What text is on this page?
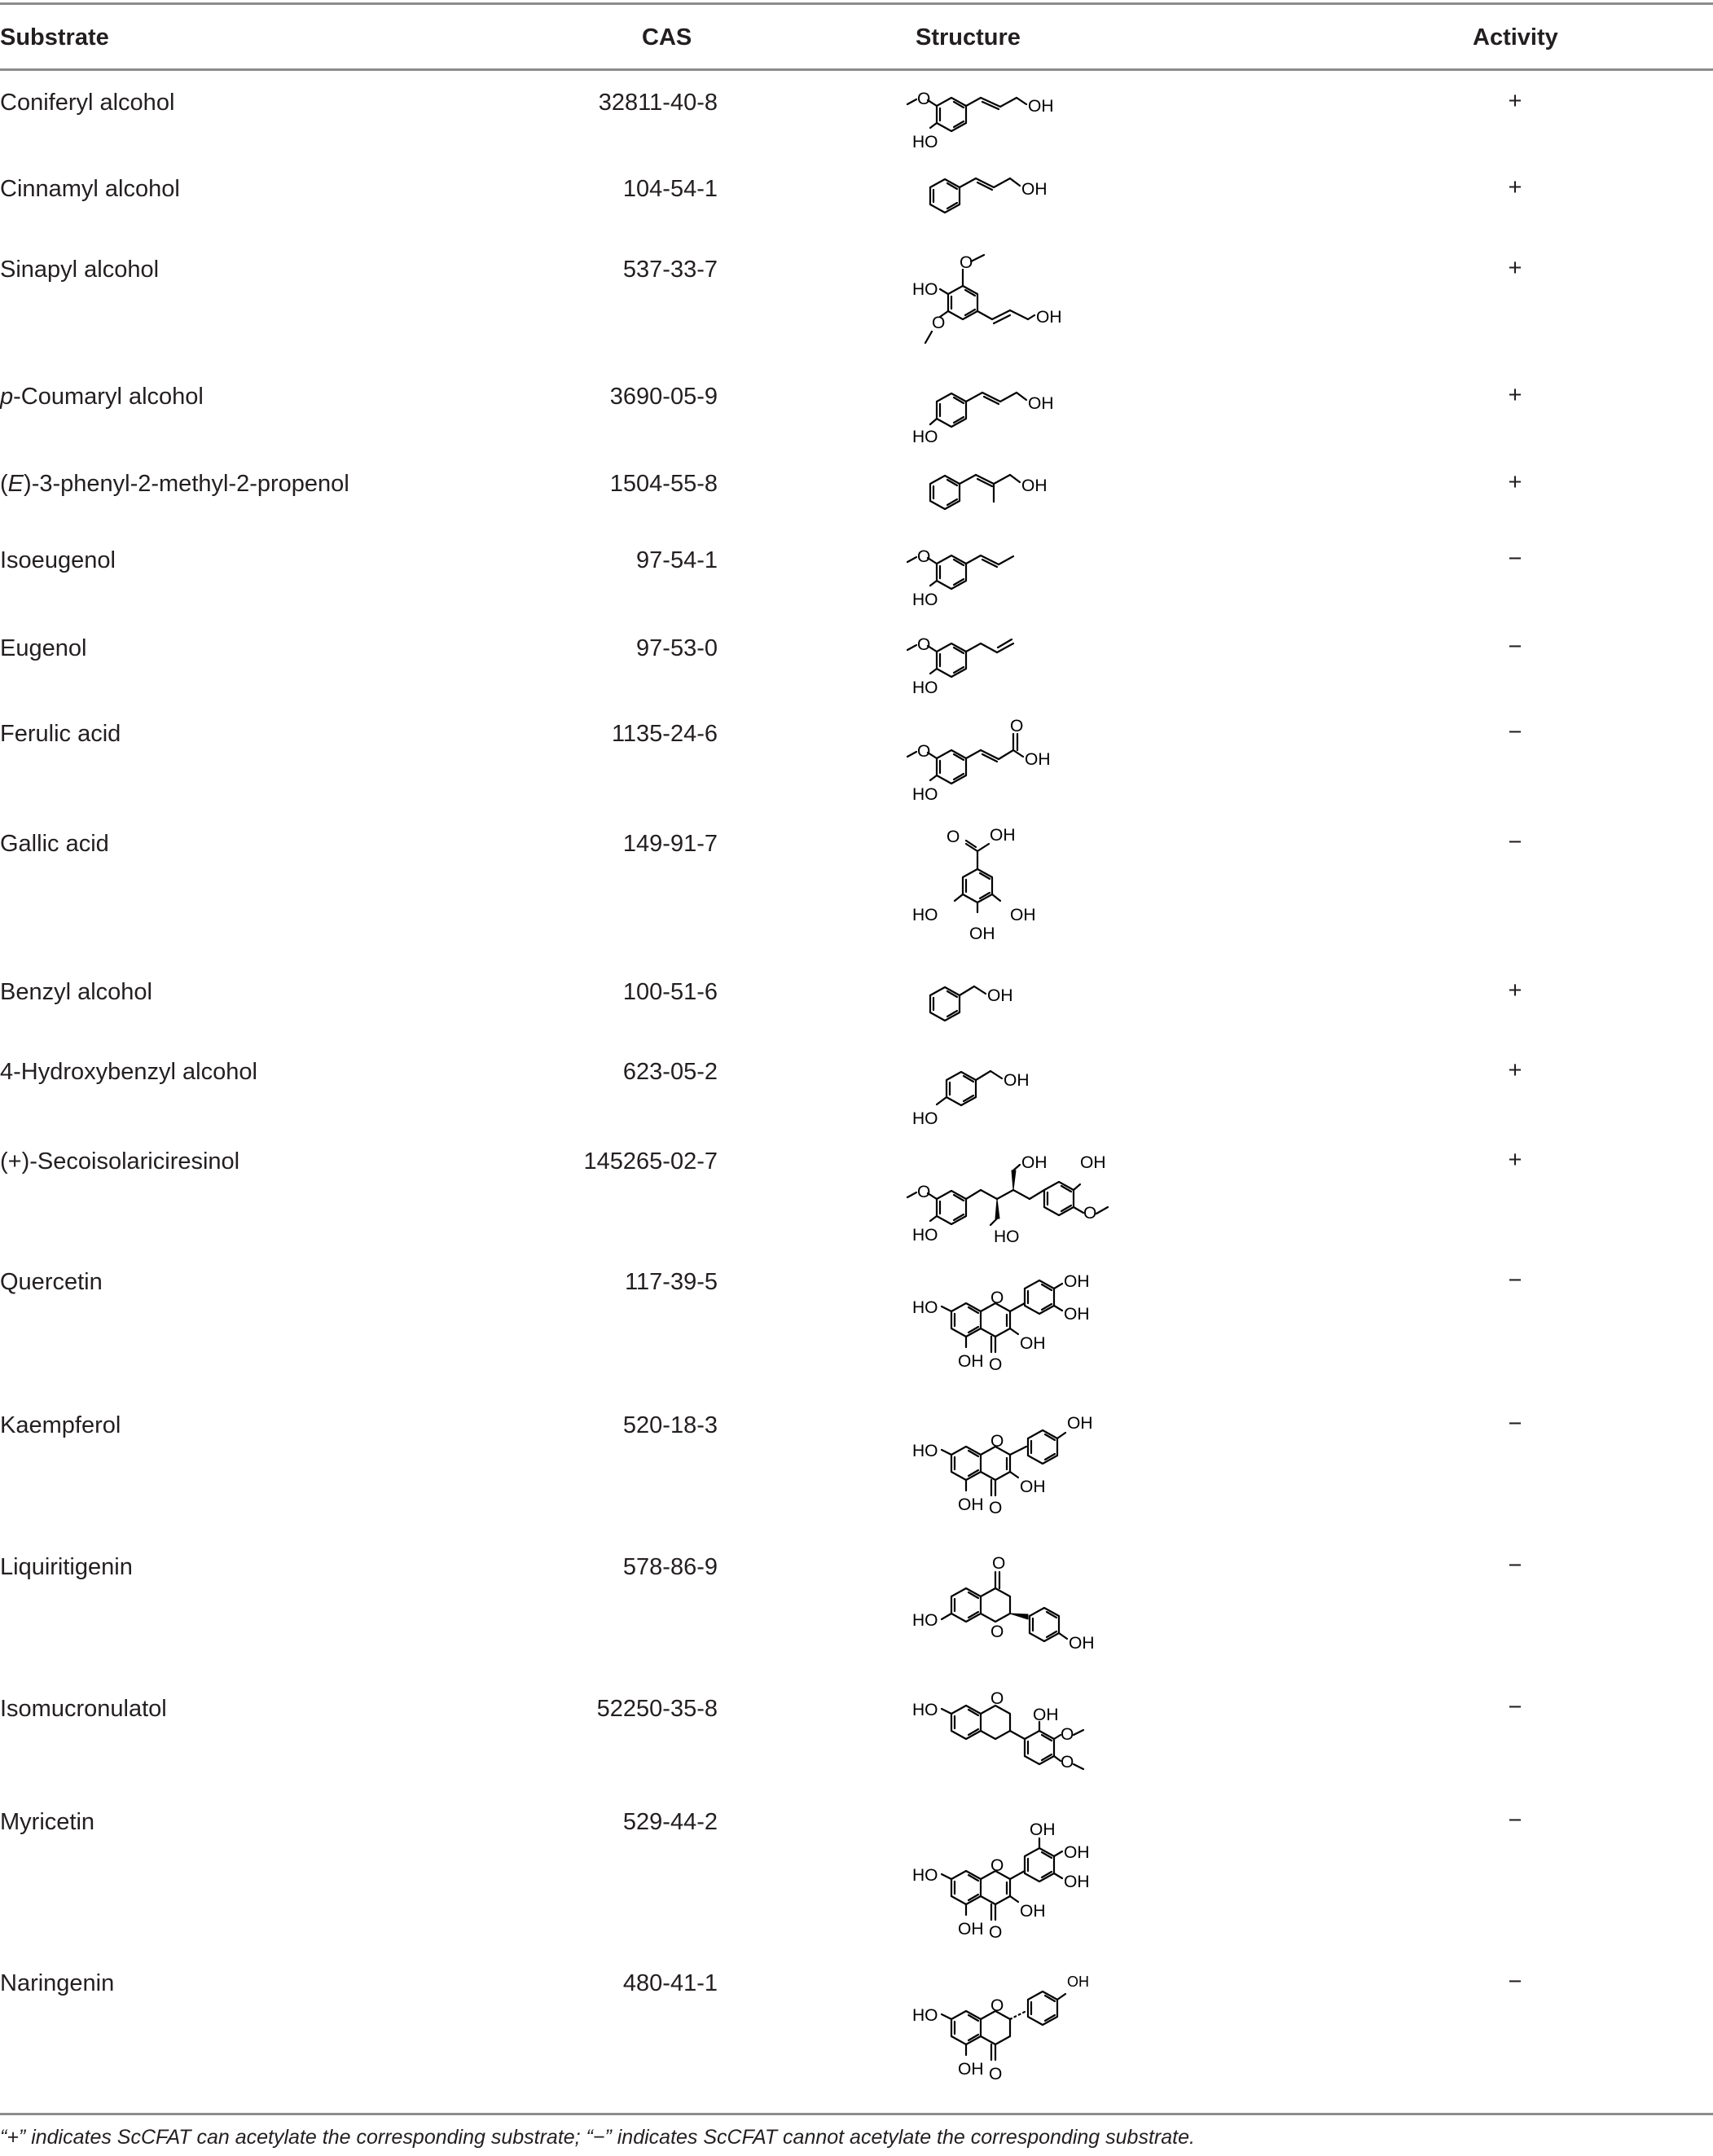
Substrate	CAS	Structure	Activity
Coniferyl alcohol	32811-40-8	+
O
HO
OH
Cinnamyl alcohol	104-54-1	+
OH
Sinapyl alcohol	537-33-7	+
O
HO
O	OH
p-Coumaryl alcohol	3690-05-9	+
HO
OH
(E)-3-phenyl-2-methyl-2-propenol	1504-55-8	+
OH
Isoeugenol	97-54-1	−
O
HO
Eugenol	97-53-0	−
O
HO
Ferulic acid	1135-24-6	−
O
HO
O
OH
Gallic acid	149-91-7	−
O OH
HO	OH
OH
Benzyl alcohol	100-51-6	+
OH
4-Hydroxybenzyl alcohol	623-05-2	+
HO
OH
(+)-Secoisolariciresinol	145265-02-7	+
O
HO	HO
OH OH
O
Quercetin	117-39-5	−
O
O
OH
HO
OH
OH
OH
Kaempferol	520-18-3	−
O
O
OH
HO
OH
OH
Liquiritigenin	578-86-9	−
O
O
OH
HO
Isomucronulatol	52250-35-8	−
O
HO	OH
O
O
Myricetin	529-44-2	−
O
O
OH
HO
OH
OH
OH
OH
Naringenin	480-41-1	−
O
O
HO
OH
OH
“+” indicates ScCFAT can acetylate the corresponding substrate; “−” indicates ScCFAT cannot acetylate the corresponding substrate.
